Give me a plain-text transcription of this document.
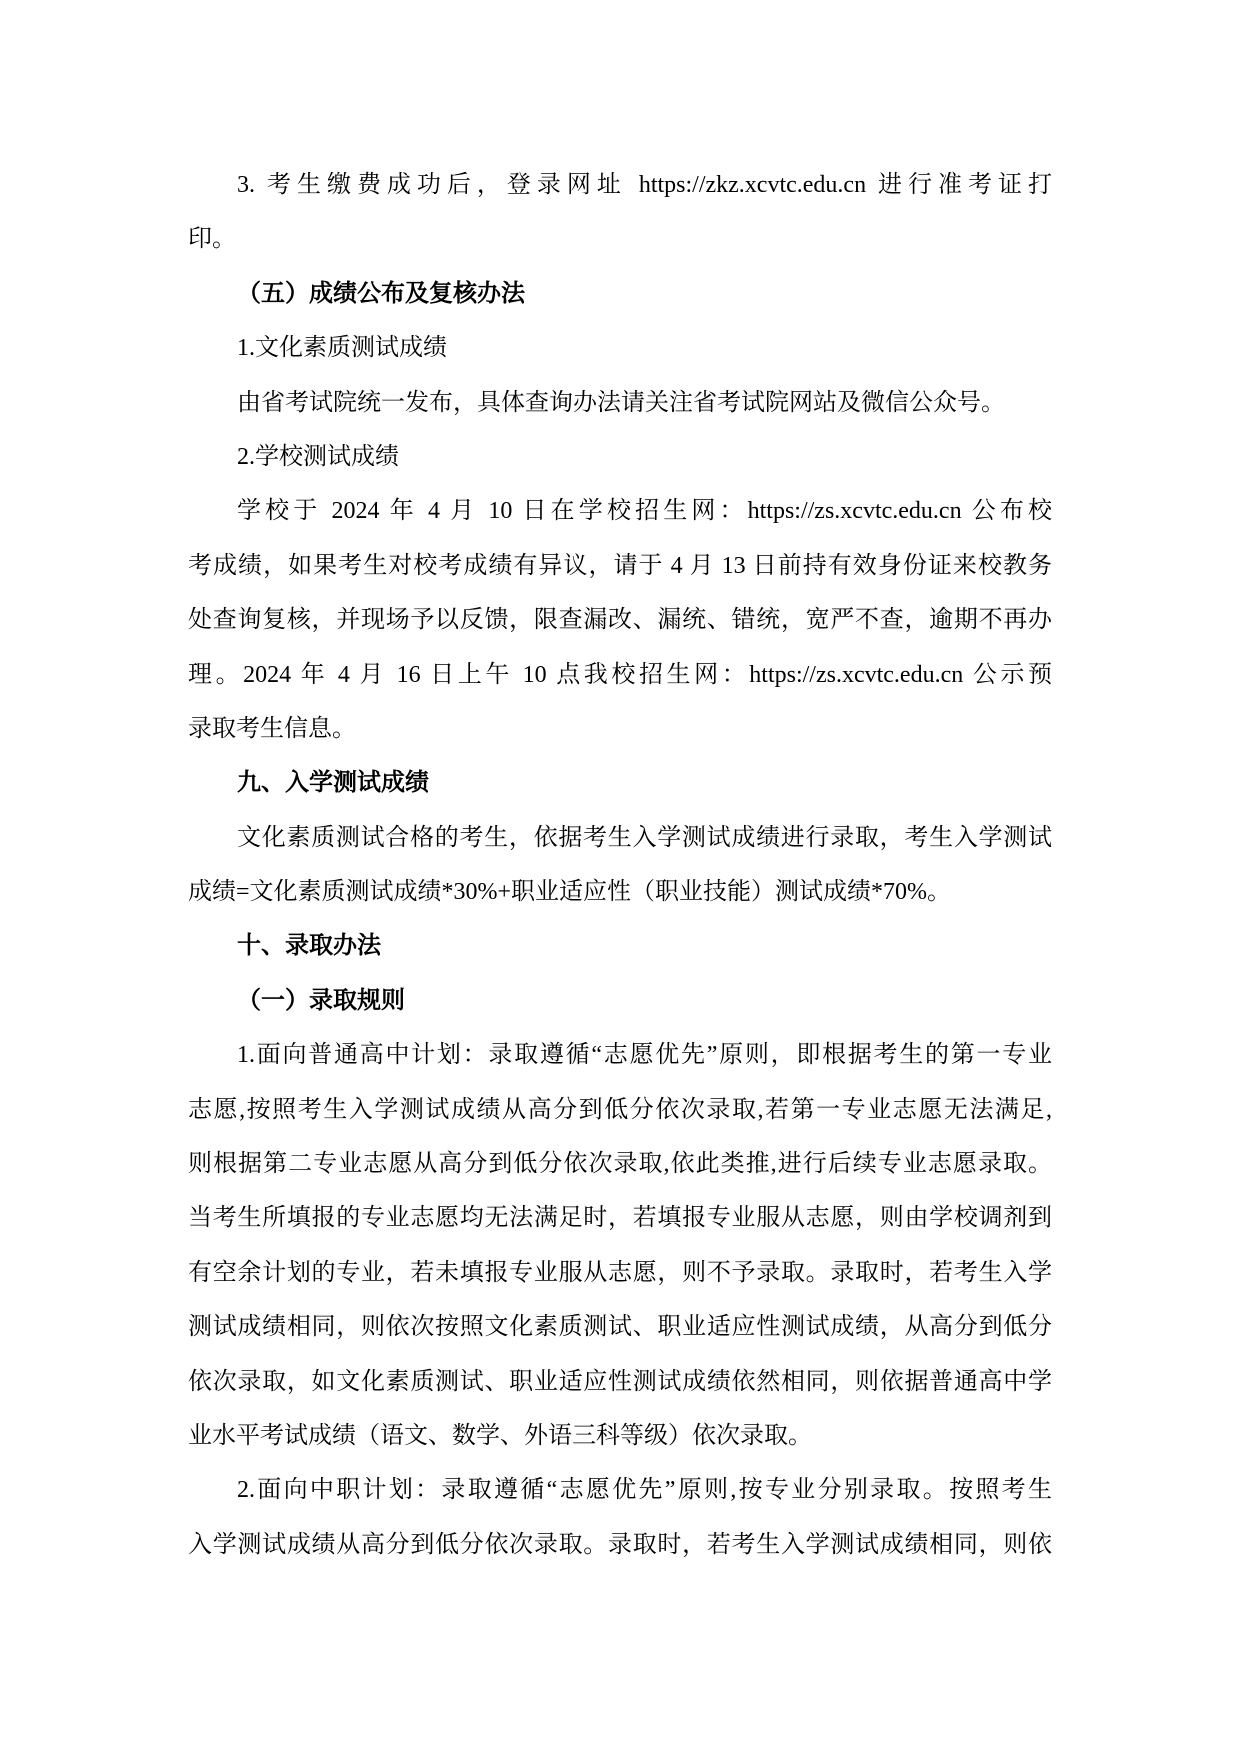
3. 考生缴费成功后，登录网址 https://zkz.xcvtc.edu.cn 进行准考证打
印。
（五）成绩公布及复核办法
1.文化素质测试成绩
由省考试院统一发布，具体查询办法请关注省考试院网站及微信公众号。
2.学校测试成绩
学校于 2024 年 4 月 10 日在学校招生网：https://zs.xcvtc.edu.cn 公布校
考成绩，如果考生对校考成绩有异议，请于 4 月 13 日前持有效身份证来校教务
处查询复核，并现场予以反馈，限查漏改、漏统、错统，宽严不查，逾期不再办
理。2024 年 4 月 16 日上午 10 点我校招生网：https://zs.xcvtc.edu.cn 公示预
录取考生信息。
九、入学测试成绩
文化素质测试合格的考生，依据考生入学测试成绩进行录取，考生入学测试
成绩=文化素质测试成绩*30%+职业适应性（职业技能）测试成绩*70%。
十、录取办法
（一）录取规则
1.面向普通高中计划：录取遵循“志愿优先”原则，即根据考生的第一专业
志愿,按照考生入学测试成绩从高分到低分依次录取,若第一专业志愿无法满足,
则根据第二专业志愿从高分到低分依次录取,依此类推,进行后续专业志愿录取。
当考生所填报的专业志愿均无法满足时，若填报专业服从志愿，则由学校调剂到
有空余计划的专业，若未填报专业服从志愿，则不予录取。录取时，若考生入学
测试成绩相同，则依次按照文化素质测试、职业适应性测试成绩，从高分到低分
依次录取，如文化素质测试、职业适应性测试成绩依然相同，则依据普通高中学
业水平考试成绩（语文、数学、外语三科等级）依次录取。
2.面向中职计划：录取遵循“志愿优先”原则,按专业分别录取。按照考生
入学测试成绩从高分到低分依次录取。录取时，若考生入学测试成绩相同，则依
